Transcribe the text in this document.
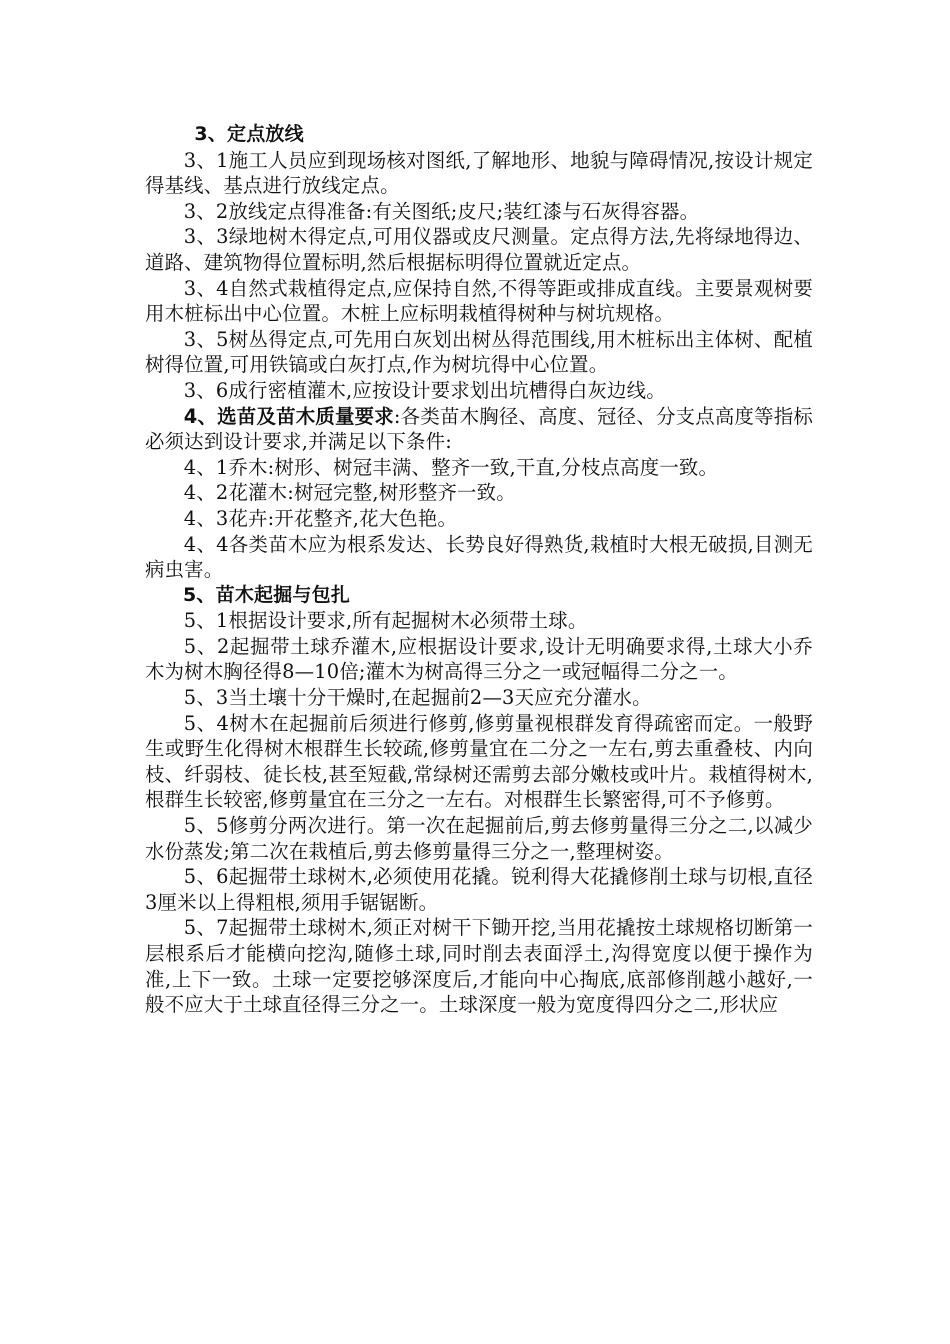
3、定点放线

3、1施工人员应到现场核对图纸,了解地形、地貌与障碍情况,按设计规定得基线、基点进行放线定点。

3、2放线定点得准备:有关图纸;皮尺;装红漆与石灰得容器。

3、3绿地树木得定点,可用仪器或皮尺测量。定点得方法,先将绿地得边、道路、建筑物得位置标明,然后根据标明得位置就近定点。

3、4自然式栽植得定点,应保持自然,不得等距或排成直线。主要景观树要用木桩标出中心位置。木桩上应标明栽植得树种与树坑规格。

3、5树丛得定点,可先用白灰划出树丛得范围线,用木桩标出主体树、配植树得位置,可用铁镐或白灰打点,作为树坑得中心位置。

3、6成行密植灌木,应按设计要求划出坑槽得白灰边线。

4、选苗及苗木质量要求:各类苗木胸径、高度、冠径、分支点高度等指标必须达到设计要求,并满足以下条件:

4、1乔木:树形、树冠丰满、整齐一致,干直,分枝点高度一致。

4、2花灌木:树冠完整,树形整齐一致。

4、3花卉:开花整齐,花大色艳。

4、4各类苗木应为根系发达、长势良好得熟货,栽植时大根无破损,目测无病虫害。

5、苗木起掘与包扎

5、1根据设计要求,所有起掘树木必须带土球。

5、2起掘带土球乔灌木,应根据设计要求,设计无明确要求得,土球大小乔木为树木胸径得8—10倍;灌木为树高得三分之一或冠幅得二分之一。

5、3当土壤十分干燥时,在起掘前2—3天应充分灌水。

5、4树木在起掘前后须进行修剪,修剪量视根群发育得疏密而定。一般野生或野生化得树木根群生长较疏,修剪量宜在二分之一左右,剪去重叠枝、内向枝、纤弱枝、徒长枝,甚至短截,常绿树还需剪去部分嫩枝或叶片。栽植得树木,根群生长较密,修剪量宜在三分之一左右。对根群生长繁密得,可不予修剪。

5、5修剪分两次进行。第一次在起掘前后,剪去修剪量得三分之二,以减少水份蒸发;第二次在栽植后,剪去修剪量得三分之一,整理树姿。

5、6起掘带土球树木,必须使用花撬。锐利得大花撬修削土球与切根,直径3厘米以上得粗根,须用手锯锯断。

5、7起掘带土球树木,须正对树干下锄开挖,当用花撬按土球规格切断第一层根系后才能横向挖沟,随修土球,同时削去表面浮土,沟得宽度以便于操作为准,上下一致。土球一定要挖够深度后,才能向中心掏底,底部修削越小越好,一般不应大于土球直径得三分之一。土球深度一般为宽度得四分之二,形状应
